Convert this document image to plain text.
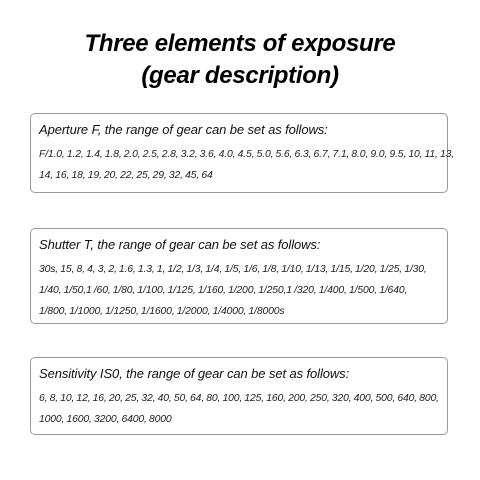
Three elements of exposure
(gear description)
Aperture F, the range of gear can be set as follows:
F/1.0, 1.2, 1.4, 1.8, 2.0, 2.5, 2.8, 3.2, 3.6, 4.0, 4.5, 5.0, 5.6, 6.3, 6.7, 7.1, 8.0, 9.0, 9.5, 10, 11, 13,
14, 16, 18, 19, 20, 22, 25, 29, 32, 45, 64
Shutter T, the range of gear can be set as follows:
30s, 15, 8, 4, 3, 2, 1.6, 1.3, 1, 1/2, 1/3, 1/4, 1/5, 1/6, 1/8, 1/10, 1/13, 1/15, 1/20, 1/25, 1/30,
1/40, 1/50,1 /60, 1/80, 1/100, 1/125, 1/160, 1/200, 1/250,1 /320, 1/400, 1/500, 1/640,
1/800, 1/1000, 1/1250, 1/1600, 1/2000, 1/4000, 1/8000s
Sensitivity IS0, the range of gear can be set as follows:
6, 8, 10, 12, 16, 20, 25, 32, 40, 50, 64, 80, 100, 125, 160, 200, 250, 320, 400, 500, 640, 800,
1000, 1600, 3200, 6400, 8000
